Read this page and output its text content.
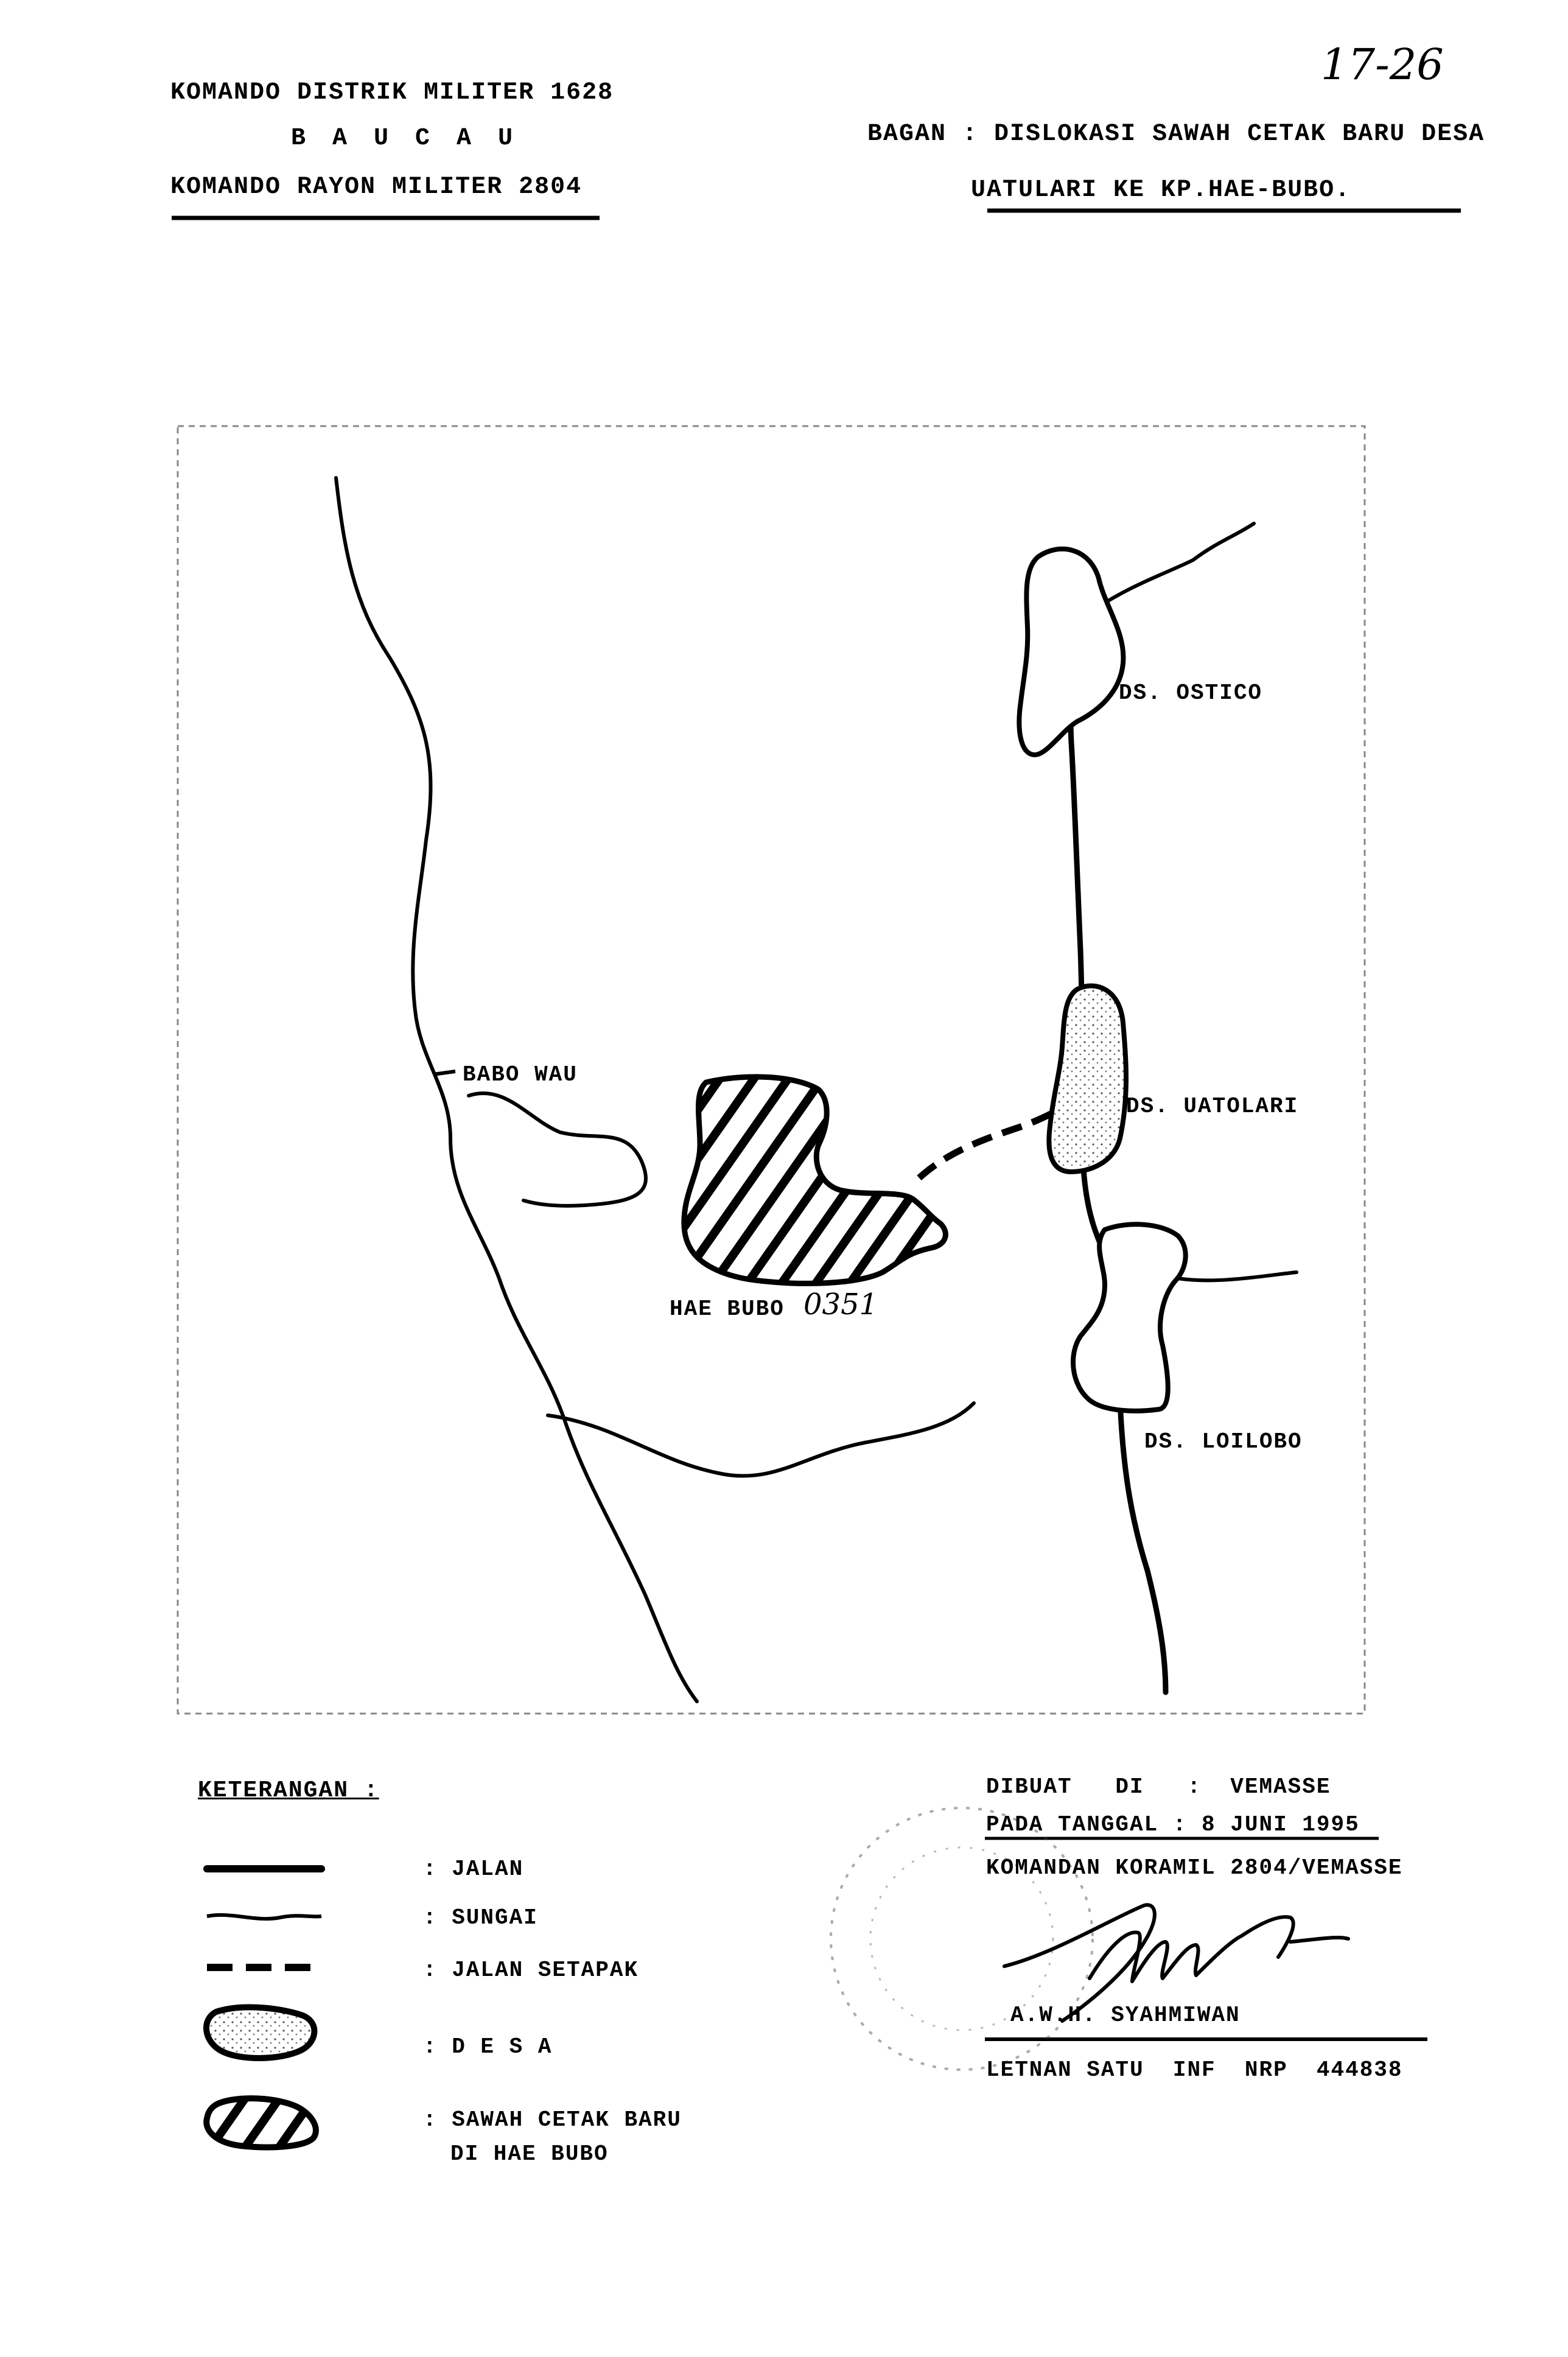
17-26
KOMANDO DISTRIK MILITER 1628
B A U C A U
KOMANDO RAYON MILITER 2804
BAGAN : DISLOKASI SAWAH CETAK BARU DESA
UATULARI KE KP.HAE-BUBO.
DS. OSTICO
DS. UATOLARI
DS. LOILOBO
BABO WAU
HAE BUBO 0351
KETERANGAN :
: JALAN
: SUNGAI
: JALAN SETAPAK
: D E S A
: SAWAH CETAK BARU
DI HAE BUBO
DIBUAT   DI   :  VEMASSE
PADA TANGGAL : 8 JUNI 1995
KOMANDAN KORAMIL 2804/VEMASSE
A.W.H. SYAHMIWAN
LETNAN SATU  INF  NRP  444838
